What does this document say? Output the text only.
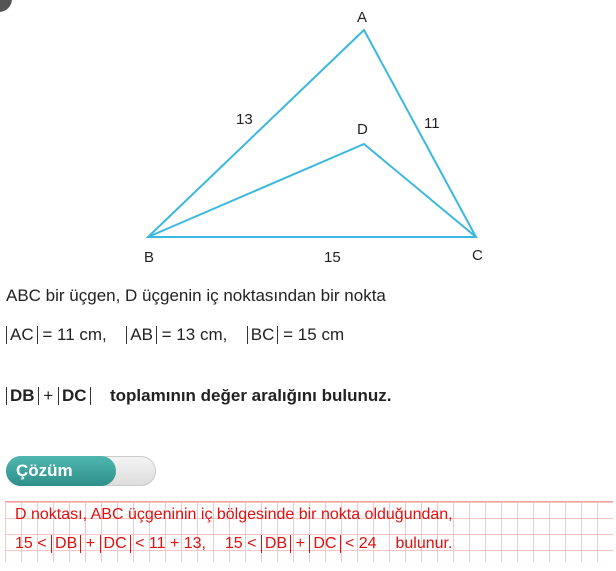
A
B	C
D
13	11
15
ABC bir üçgen, D üçgenin iç noktasından bir nokta
AC = 11 cm, AB = 13 cm, BC = 15 cm
DB + DC toplamının değer aralığını bulunuz.
Çözüm
D noktası, ABC üçgeninin iç bölgesinde bir nokta olduğundan,
15 < DB + DC < 11 + 13, 15 < DB + DC < 24 bulunur.
